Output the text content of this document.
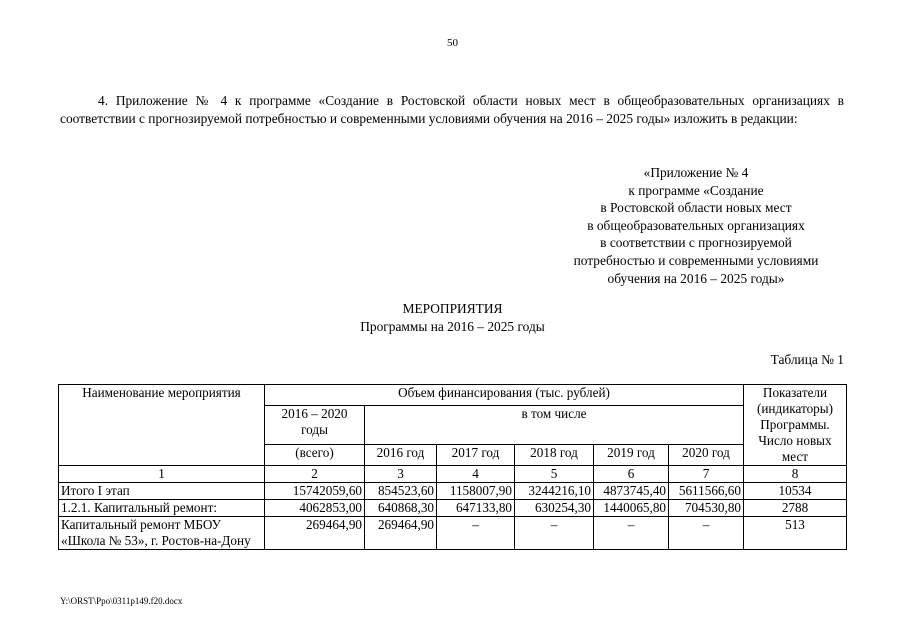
50

4. Приложение № 4 к программе «Создание в Ростовской области новых мест в общеобразовательных организациях в соответствии с прогнозируемой потребностью и современными условиями обучения на 2016 – 2025 годы» изложить в редакции:

«Приложение № 4
к программе «Создание
в Ростовской области новых мест
в общеобразовательных организациях
в соответствии с прогнозируемой
потребностью и современными условиями
обучения на 2016 – 2025 годы»
МЕРОПРИЯТИЯ
Программы на 2016 – 2025 годы
Таблица № 1
Наименование мероприятия	Объем финансирования (тыс. рублей)						Показатели (индикаторы) Программы. Число новых мест
	2016 – 2020 годы	в том числе					
	(всего)	2016 год	2017 год	2018 год	2019 год	2020 год	
1	2	3	4	5	6	7	8
Итого I этап	15742059,60	854523,60	1158007,90	3244216,10	4873745,40	5611566,60	10534
1.2.1. Капитальный ремонт:	4062853,00	640868,30	647133,80	630254,30	1440065,80	704530,80	2788
Капитальный ремонт МБОУ «Школа № 53», г. Ростов-на-Дону	269464,90	269464,90	–	–	–	–	513
Y:\ORST\Ppo\0311p149.f20.docx
